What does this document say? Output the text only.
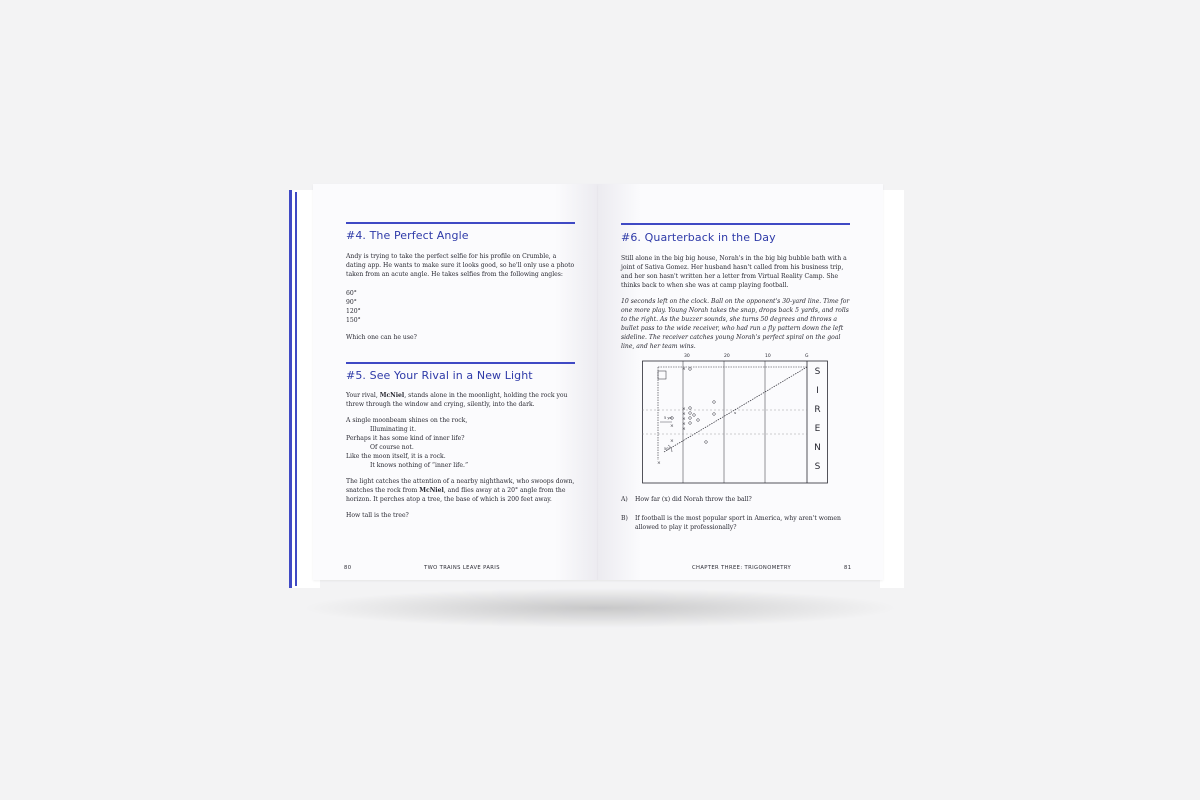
#4. The Perfect Angle

Andy is trying to take the perfect selfie for his profile on Crumble, a dating app. He wants to make sure it looks good, so he'll only use a photo taken from an acute angle. He takes selfies from the following angles:

60°
90°
120°
150°

Which one can he use?

#5. See Your Rival in a New Light

Your rival, McNiel, stands alone in the moonlight, holding the rock you threw through the window and crying, silently, into the dark.

A single moonbeam shines on the rock,
Illuminating it.
Perhaps it has some kind of inner life?
Of course not.
Like the moon itself, it is a rock.
It knows nothing of “inner life.”

The light catches the attention of a nearby nighthawk, who swoops down, snatches the rock from McNiel, and flies away at a 20° angle from the horizon. It perches atop a tree, the base of which is 200 feet away.

How tall is the tree?

80	TWO TRAINS LEAVE PARIS
#6. Quarterback in the Day

Still alone in the big big house, Norah's in the big big bubble bath with a joint of Sativa Gomez. Her husband hasn't called from his business trip, and her son hasn't written her a letter from Virtual Reality Camp. She thinks back to when she was at camp playing football.

10 seconds left on the clock. Ball on the opponent's 30-yard line. Time for one more play. Young Norah takes the snap, drops back 5 yards, and rolls to the right. As the buzzer sounds, she turns 50 degrees and throws a bullet pass to the wide receiver, who had run a fly pattern down the left sideline. The receiver catches young Norah's perfect spiral on the goal line, and her team wins.

30	20	10	G
50°
5 yd
x
×
×
×
×
×
×
×
×
×	S I R E N S
A) How far (x) did Norah throw the ball?
B)	If football is the most popular sport in America, why aren't women allowed to play it professionally?
CHAPTER THREE: TRIGONOMETRY	81
